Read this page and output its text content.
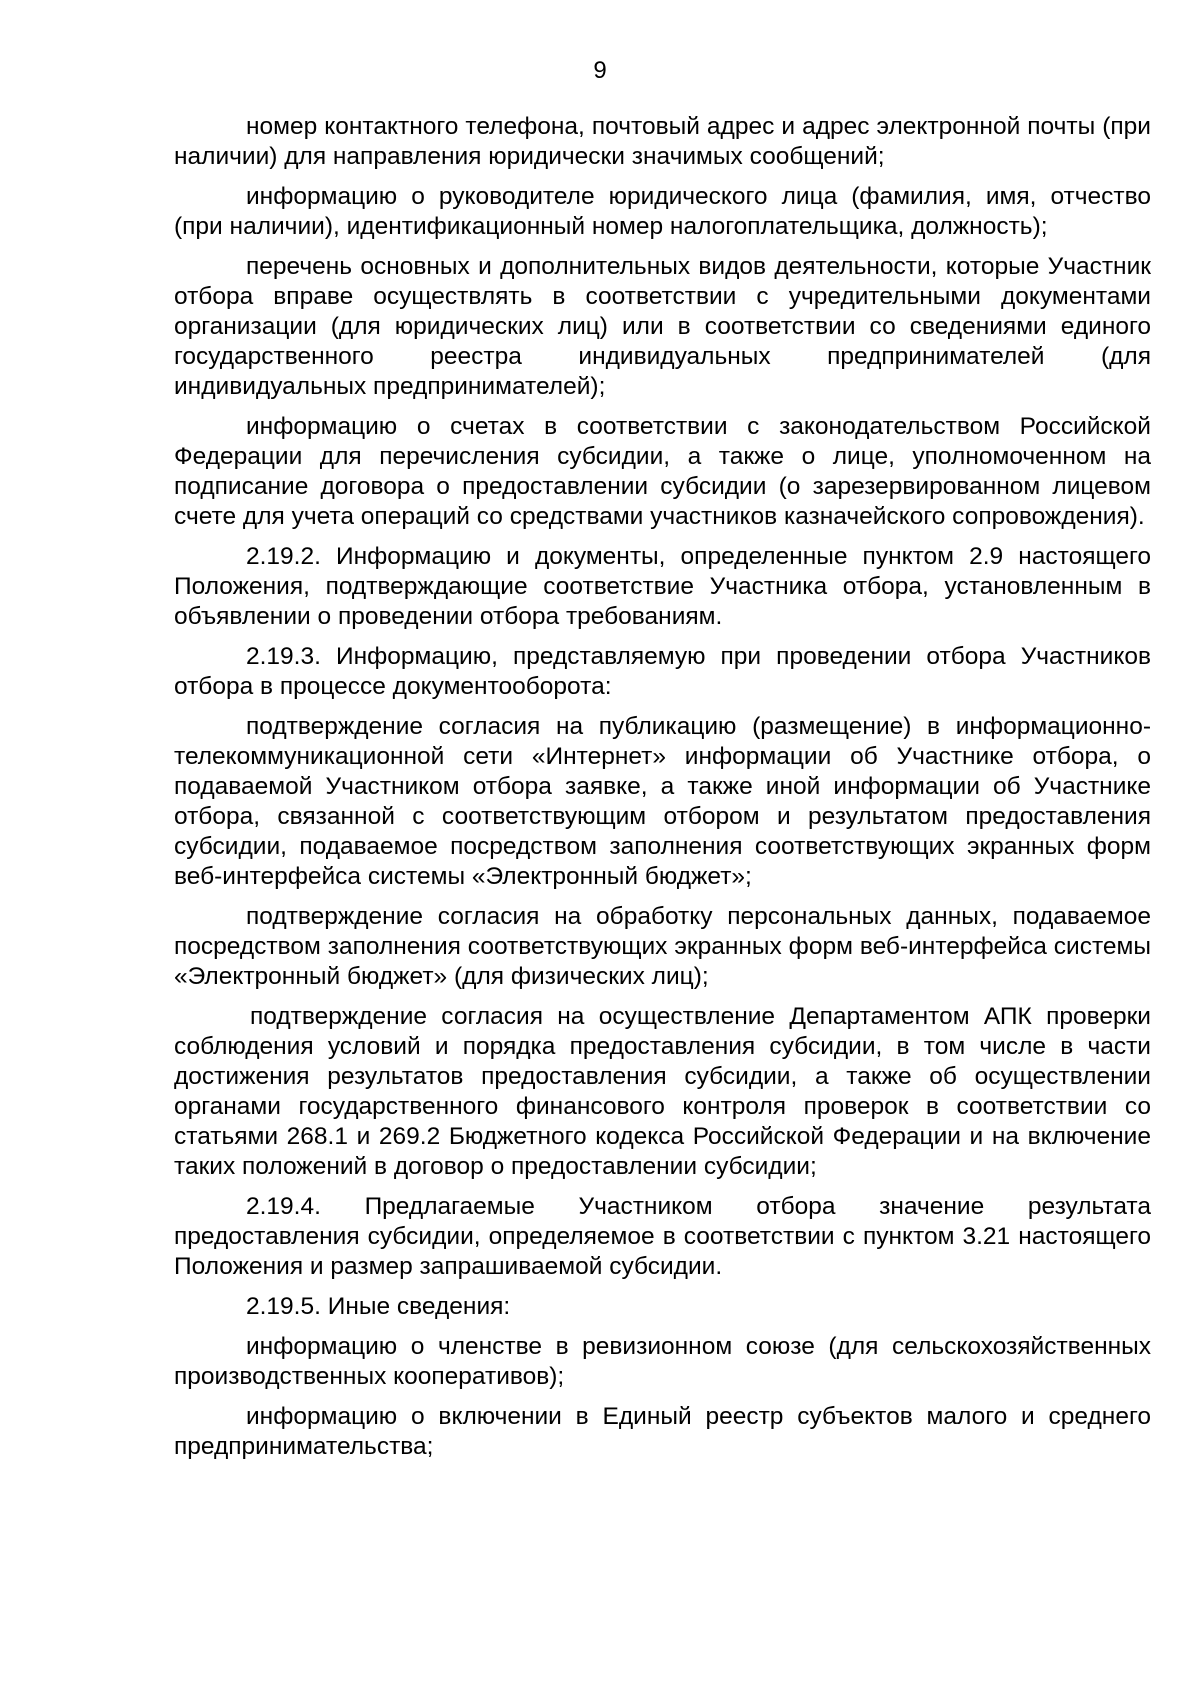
9

номер контактного телефона, почтовый адрес и адрес электронной почты (при наличии) для направления юридически значимых сообщений;

информацию о руководителе юридического лица (фамилия, имя, отчество (при наличии), идентификационный номер налогоплательщика, должность);

перечень основных и дополнительных видов деятельности, которые Участник отбора вправе осуществлять в соответствии с учредительными документами организации (для юридических лиц) или в соответствии со сведениями единого государственного реестра индивидуальных предпринимателей (для индивидуальных предпринимателей);

информацию о счетах в соответствии с законодательством Российской Федерации для перечисления субсидии, а также о лице, уполномоченном на подписание договора о предоставлении субсидии (о зарезервированном лицевом счете для учета операций со средствами участников казначейского сопровождения).

2.19.2. Информацию и документы, определенные пунктом 2.9 настоящего Положения, подтверждающие соответствие Участника отбора, установленным в объявлении о проведении отбора требованиям.

2.19.3. Информацию, представляемую при проведении отбора Участников отбора в процессе документооборота:

подтверждение согласия на публикацию (размещение) в информационно-телекоммуникационной сети «Интернет» информации об Участнике отбора, о подаваемой Участником отбора заявке, а также иной информации об Участнике отбора, связанной с соответствующим отбором и результатом предоставления субсидии, подаваемое посредством заполнения соответствующих экранных форм веб-интерфейса системы «Электронный бюджет»;

подтверждение согласия на обработку персональных данных, подаваемое посредством заполнения соответствующих экранных форм веб-интерфейса системы «Электронный бюджет» (для физических лиц);

подтверждение согласия на осуществление Департаментом АПК проверки соблюдения условий и порядка предоставления субсидии, в том числе в части достижения результатов предоставления субсидии, а также об осуществлении органами государственного финансового контроля проверок в соответствии со статьями 268.1 и 269.2 Бюджетного кодекса Российской Федерации и на включение таких положений в договор о предоставлении субсидии;

2.19.4. Предлагаемые Участником отбора значение результата предоставления субсидии, определяемое в соответствии с пунктом 3.21 настоящего Положения и размер запрашиваемой субсидии.

2.19.5. Иные сведения:

информацию о членстве в ревизионном союзе (для сельскохозяйственных производственных кооперативов);

информацию о включении в Единый реестр субъектов малого и среднего предпринимательства;
